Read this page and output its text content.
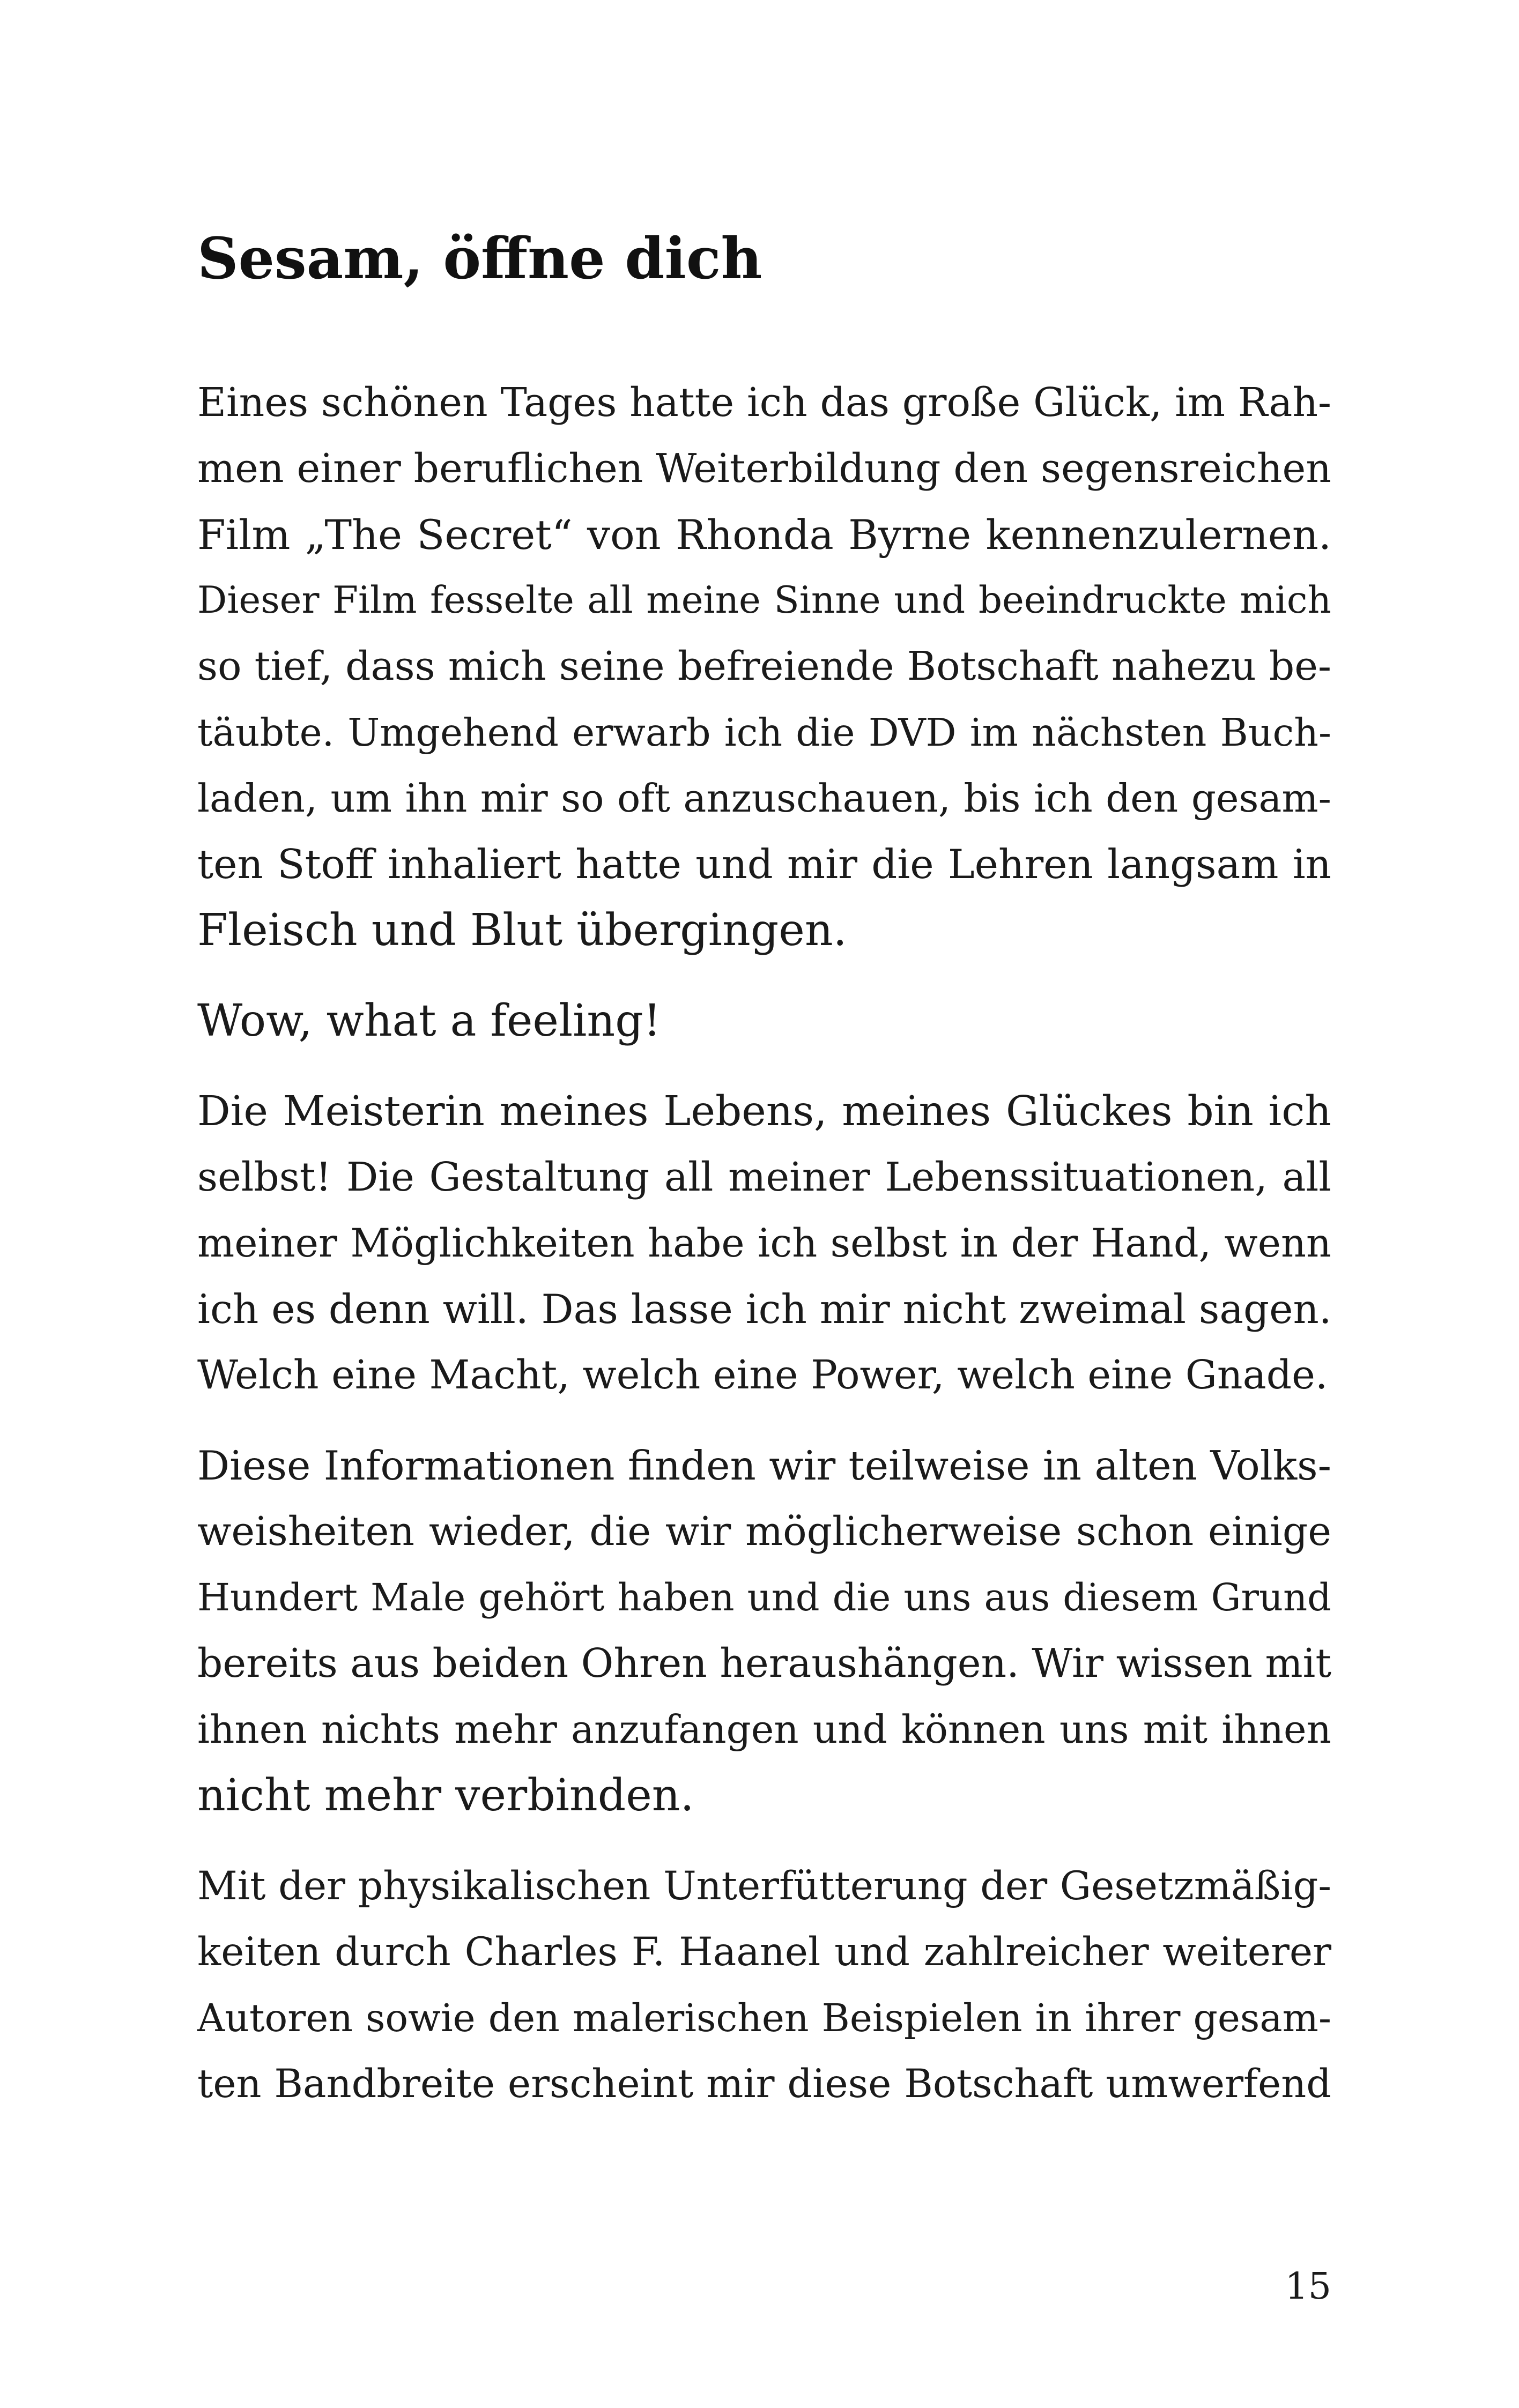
Sesam, öffne dich

Eines schönen Tages hatte ich das große Glück, im Rah-
men einer beruflichen Weiterbildung den segensreichen
Film „The Secret“ von Rhonda Byrne kennenzulernen.
Dieser Film fesselte all meine Sinne und beeindruckte mich
so tief, dass mich seine befreiende Botschaft nahezu be-
täubte. Umgehend erwarb ich die DVD im nächsten Buch-
laden, um ihn mir so oft anzuschauen, bis ich den gesam-
ten Stoff inhaliert hatte und mir die Lehren langsam in
Fleisch und Blut übergingen.

Wow, what a feeling!

Die Meisterin meines Lebens, meines Glückes bin ich
selbst! Die Gestaltung all meiner Lebenssituationen, all
meiner Möglichkeiten habe ich selbst in der Hand, wenn
ich es denn will. Das lasse ich mir nicht zweimal sagen.
Welch eine Macht, welch eine Power, welch eine Gnade.

Diese Informationen finden wir teilweise in alten Volks-
weisheiten wieder, die wir möglicherweise schon einige
Hundert Male gehört haben und die uns aus diesem Grund
bereits aus beiden Ohren heraushängen. Wir wissen mit
ihnen nichts mehr anzufangen und können uns mit ihnen
nicht mehr verbinden.

Mit der physikalischen Unterfütterung der Gesetzmäßig-
keiten durch Charles F. Haanel und zahlreicher weiterer
Autoren sowie den malerischen Beispielen in ihrer gesam-
ten Bandbreite erscheint mir diese Botschaft umwerfend

15
